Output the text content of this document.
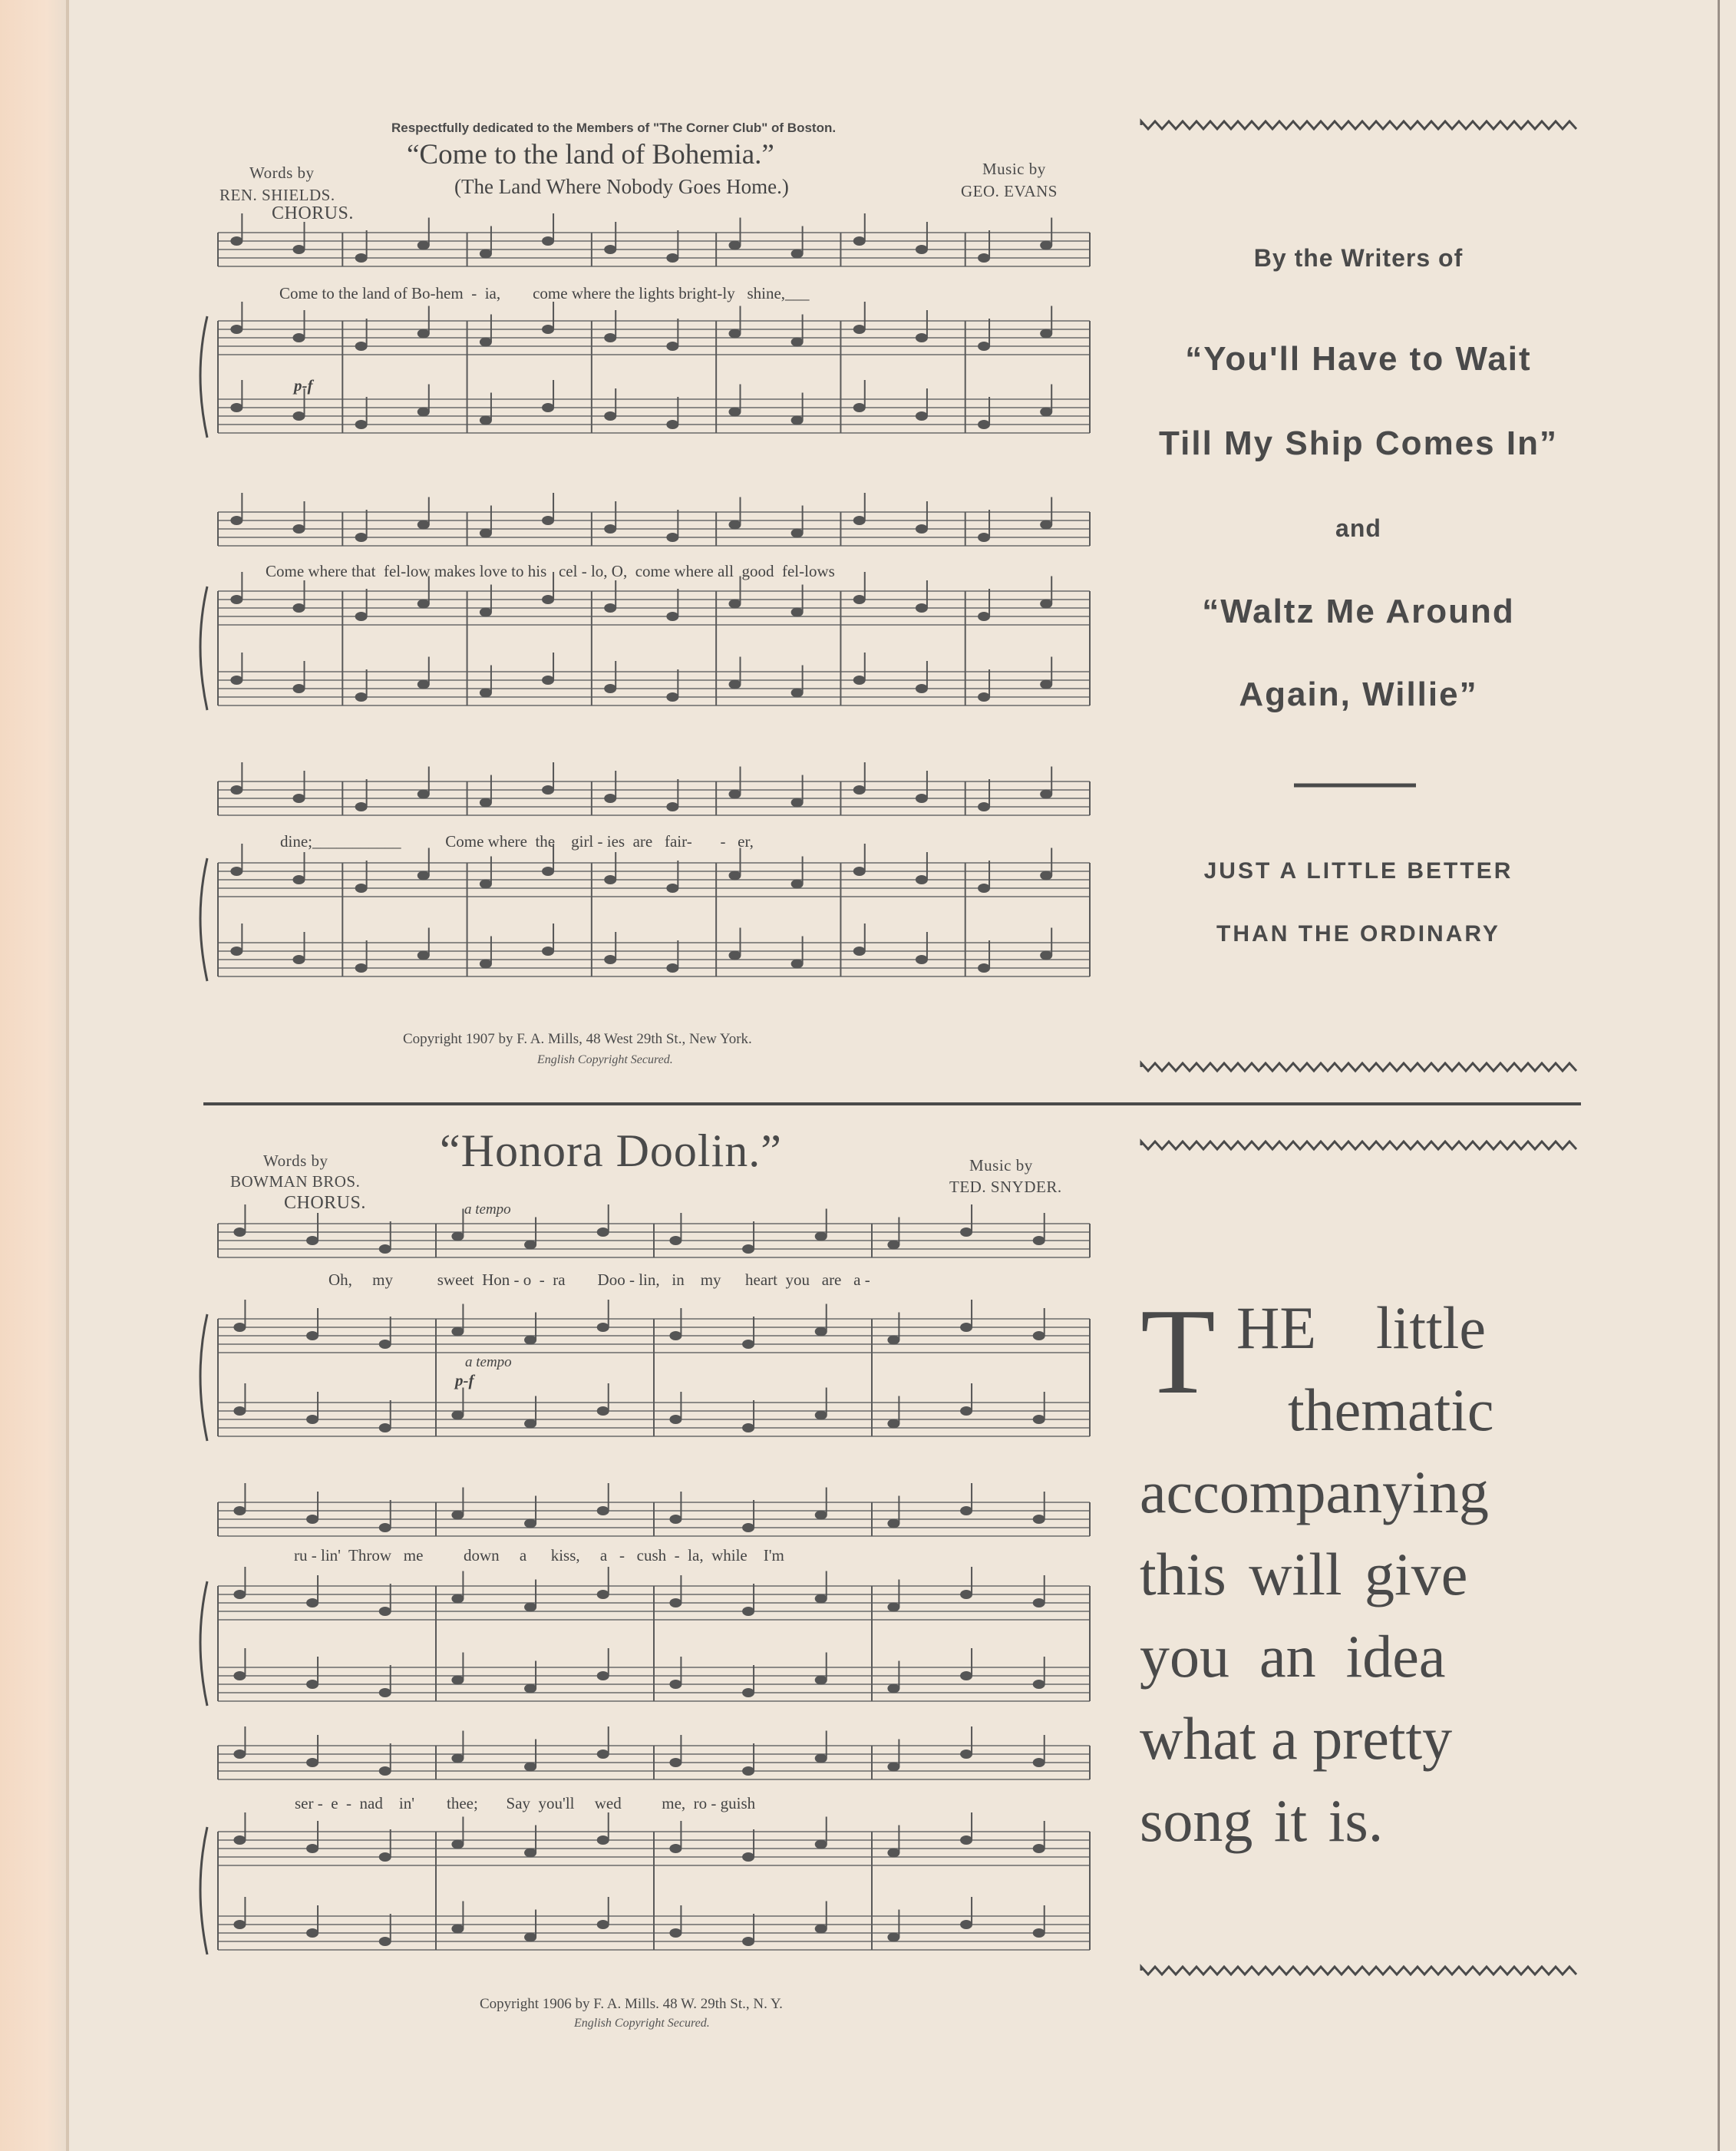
Respectfully dedicated to the Members of "The Corner Club" of Boston.
“Come to the land of Bohemia.”
(The Land Where Nobody Goes Home.)
Words by
REN. SHIELDS.
CHORUS.
Music by
GEO. EVANS
Come to the land of Bo-hem  -  ia,        come where the lights bright-ly   shine,___
Come where that  fel-low makes love to his   cel - lo, O,  come where all  good  fel-lows
dine;___________           Come where  the    girl - ies  are   fair-       -   er,
p-f
Copyright 1907 by F. A. Mills, 48 West 29th St., New York.
English Copyright Secured.
Words by
BOWMAN BROS.
CHORUS.
“Honora Doolin.”	Music by
TED. SNYDER.
a tempo
a tempo
p-f
Oh,     my           sweet  Hon - o  -  ra        Doo - lin,   in    my      heart  you   are   a -
ru - lin'  Throw   me          down     a      kiss,     a   -   cush  -  la,  while    I'm
ser -  e  -  nad    in'        thee;       Say  you'll     wed          me,  ro - guish
Copyright 1906 by F. A. Mills. 48 W. 29th St., N. Y.
English Copyright Secured.
By the Writers of
“You'll Have to Wait
Till My Ship Comes In”
and
“Waltz Me Around
Again, Willie”
JUST A LITTLE BETTER
THAN THE ORDINARY
T HE    little
thematic
accompanying
this will give
you  an  idea
what a pretty
song it is.
